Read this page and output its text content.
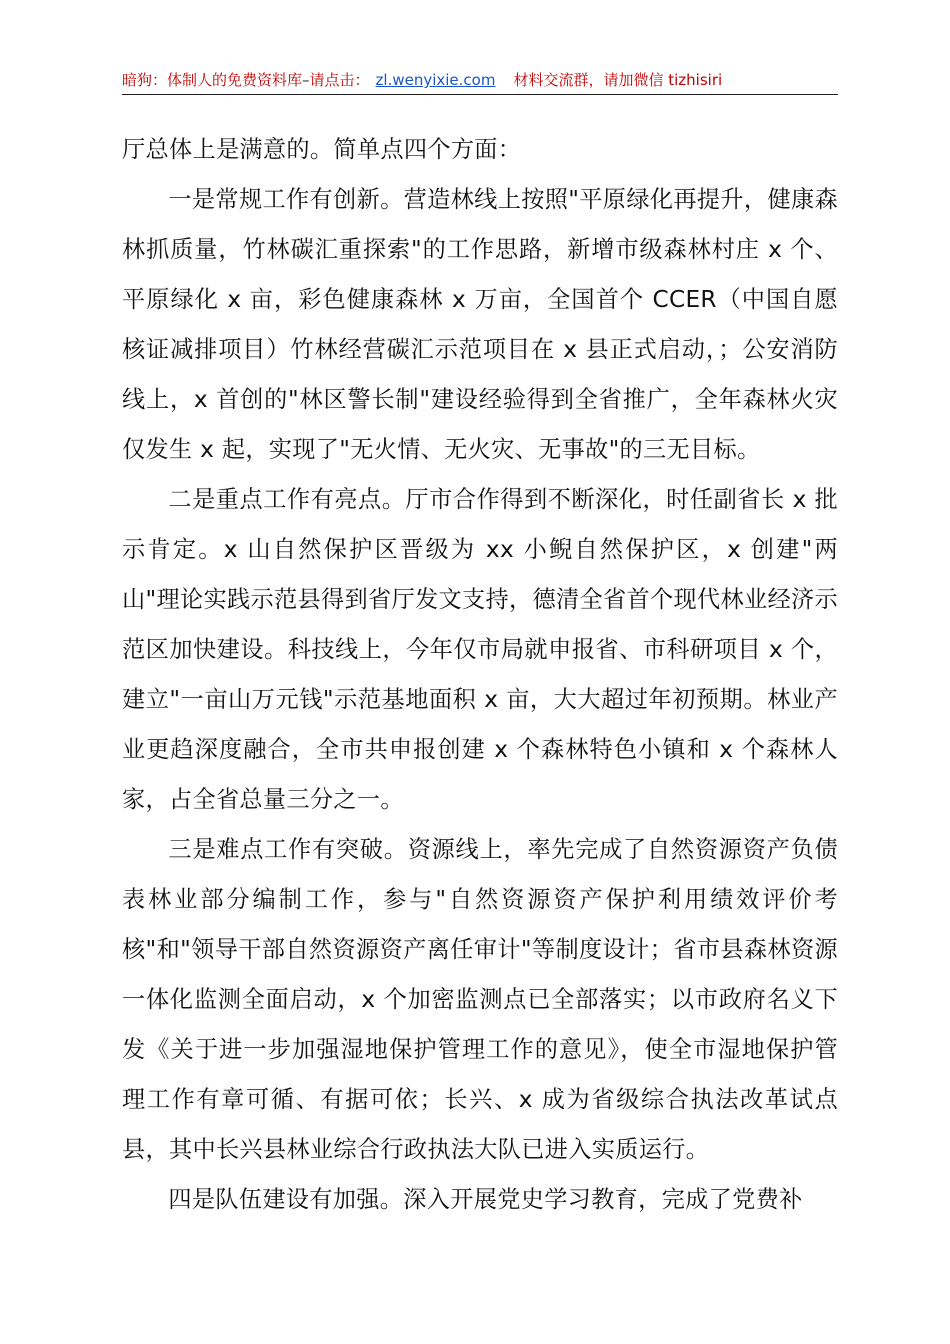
暗狗：体制人的免费资料库–请点击： zl.wenyixie.com 材料交流群，请加微信 tizhisiri

厅总体上是满意的。简单点四个方面：

一是常规工作有创新。营造林线上按照"平原绿化再提升，健康森林抓质量，竹林碳汇重探索"的工作思路，新增市级森林村庄 x 个、平原绿化 x 亩，彩色健康森林 x 万亩，全国首个 CCER（中国自愿核证减排项目）竹林经营碳汇示范项目在 x 县正式启动，；公安消防线上，x 首创的"林区警长制"建设经验得到全省推广，全年森林火灾仅发生 x 起，实现了"无火情、无火灾、无事故"的三无目标。

二是重点工作有亮点。厅市合作得到不断深化，时任副省长 x 批示肯定。x 山自然保护区晋级为 xx 小鲵自然保护区，x 创建"两山"理论实践示范县得到省厅发文支持，德清全省首个现代林业经济示范区加快建设。科技线上，今年仅市局就申报省、市科研项目 x 个，建立"一亩山万元钱"示范基地面积 x 亩，大大超过年初预期。林业产业更趋深度融合，全市共申报创建 x 个森林特色小镇和 x 个森林人家，占全省总量三分之一。

三是难点工作有突破。资源线上，率先完成了自然资源资产负债表林业部分编制工作，参与"自然资源资产保护利用绩效评价考核"和"领导干部自然资源资产离任审计"等制度设计；省市县森林资源一体化监测全面启动，x 个加密监测点已全部落实；以市政府名义下发《关于进一步加强湿地保护管理工作的意见》，使全市湿地保护管理工作有章可循、有据可依；长兴、x 成为省级综合执法改革试点县，其中长兴县林业综合行政执法大队已进入实质运行。

四是队伍建设有加强。深入开展党史学习教育，完成了党费补
